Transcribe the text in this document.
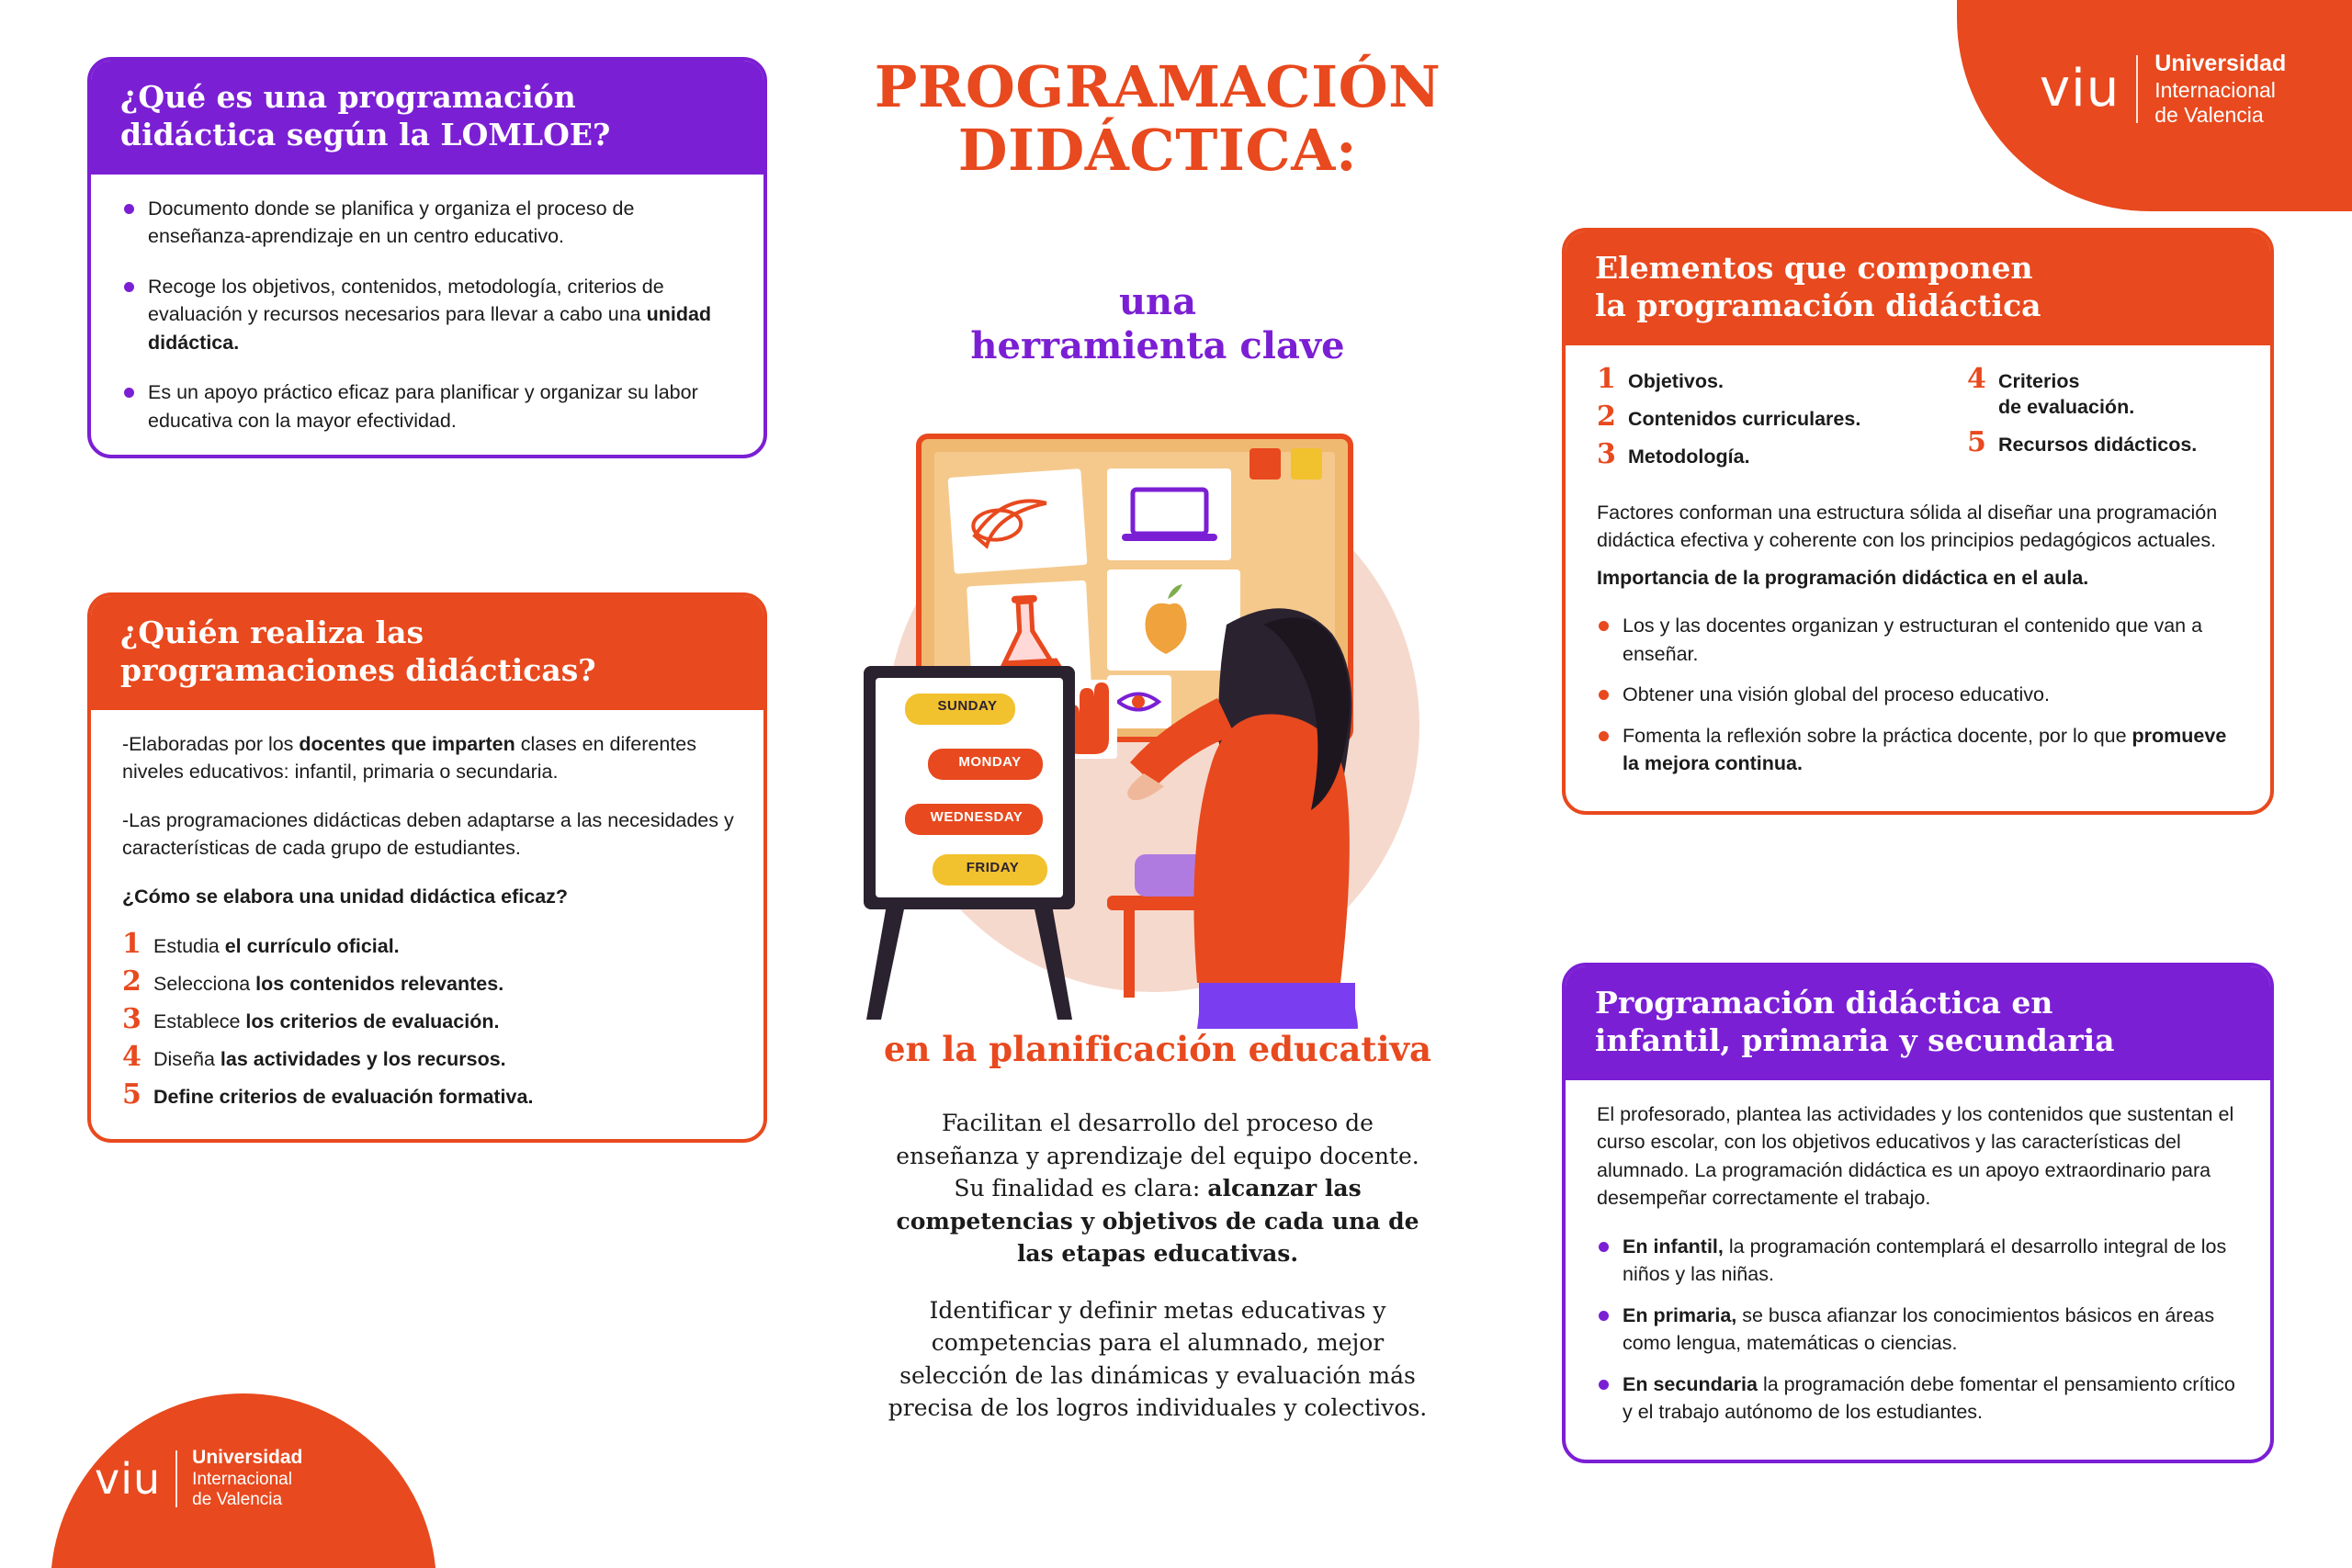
viu Universidad
Internacional
de Valencia
¿Qué es una programación
didáctica según la LOMLOE?
Documento donde se planifica y organiza el proceso de enseñanza-aprendizaje en un centro educativo.
Recoge los objetivos, contenidos, metodología, criterios de evaluación y recursos necesarios para llevar a cabo una unidad didáctica.
Es un apoyo práctico eficaz para planificar y organizar su labor educativa con la mayor efectividad.
¿Quién realiza las
programaciones didácticas?

-Elaboradas por los docentes que imparten clases en diferentes niveles educativos: infantil, primaria o secundaria.

-Las programaciones didácticas deben adaptarse a las necesidades y características de cada grupo de estudiantes.

¿Cómo se elabora una unidad didáctica eficaz?

1 Estudia el currículo oficial.
2 Selecciona los contenidos relevantes.
3 Establece los criterios de evaluación.
4 Diseña las actividades y los recursos.
5 Define criterios de evaluación formativa.
viu Universidad
Internacional
de Valencia
PROGRAMACIÓN
DIDÁCTICA:
una
herramienta clave
SUNDAY
MONDAY
WEDNESDAY
FRIDAY
en la planificación educativa

Facilitan el desarrollo del proceso de enseñanza y aprendizaje del equipo docente. Su finalidad es clara: alcanzar las competencias y objetivos de cada una de las etapas educativas.

Identificar y definir metas educativas y competencias para el alumnado, mejor selección de las dinámicas y evaluación más precisa de los logros individuales y colectivos.

Elementos que componen
la programación didáctica
1 Objetivos.
2 Contenidos curriculares.
3 Metodología.
4 Criterios
de evaluación.
5 Recursos didácticos.

Factores conforman una estructura sólida al diseñar una programación didáctica efectiva y coherente con los principios pedagógicos actuales.

Importancia de la programación didáctica en el aula.

Los y las docentes organizan y estructuran el contenido que van a enseñar.
Obtener una visión global del proceso educativo.
Fomenta la reflexión sobre la práctica docente, por lo que promueve la mejora continua.
Programación didáctica en
infantil, primaria y secundaria

El profesorado, plantea las actividades y los contenidos que sustentan el curso escolar, con los objetivos educativos y las características del alumnado. La programación didáctica es un apoyo extraordinario para desempeñar correctamente el trabajo.

En infantil, la programación contemplará el desarrollo integral de los niños y las niñas.
En primaria, se busca afianzar los conocimientos básicos en áreas como lengua, matemáticas o ciencias.
En secundaria la programación debe fomentar el pensamiento crítico y el trabajo autónomo de los estudiantes.
